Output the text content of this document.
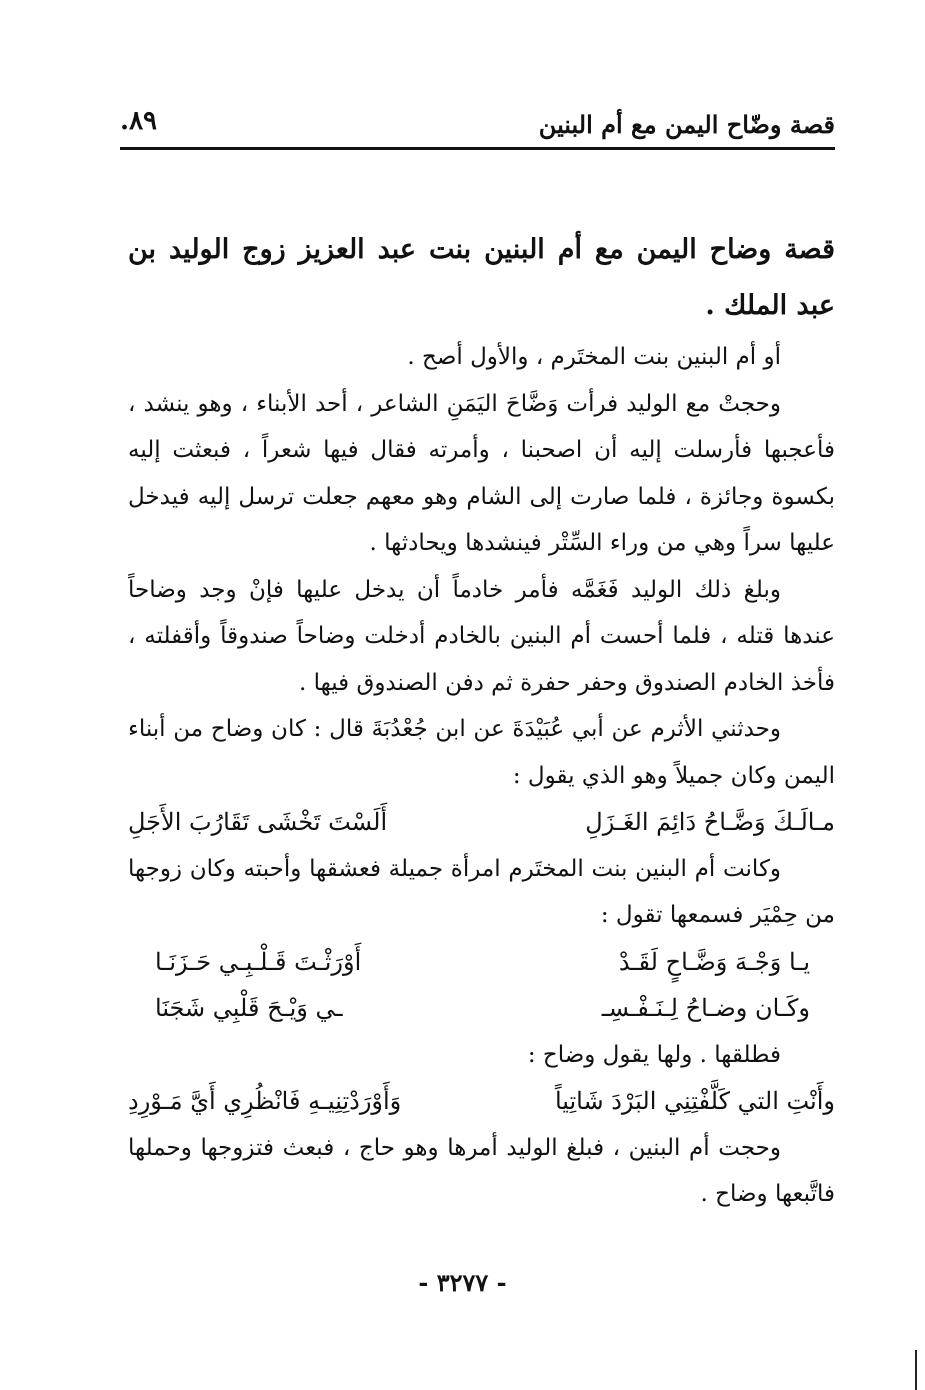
قصة وضّاح اليمن مع أم البنين
٨٩.

قصة وضاح اليمن مع أم البنين بنت عبد العزيز زوج الوليد بن عبد الملك .

أو أم البنين بنت المختَرم ، والأول أصح .

وحجتْ مع الوليد فرأت وَضَّاحَ اليَمَنِ الشاعر ، أحد الأبناء ، وهو ينشد ، فأعجبها فأرسلت إليه أن اصحبنا ، وأمرته فقال فيها شعراً ، فبعثت إليه بكسوة وجائزة ، فلما صارت إلى الشام وهو معهم جعلت ترسل إليه فيدخل عليها سراً وهي من وراء السِّتْر فينشدها ويحادثها .

وبلغ ذلك الوليد فَغَمَّه فأمر خادماً أن يدخل عليها فإنْ وجد وضاحاً عندها قتله ، فلما أحست أم البنين بالخادم أدخلت وضاحاً صندوقاً وأقفلته ، فأخذ الخادم الصندوق وحفر حفرة ثم دفن الصندوق فيها .

وحدثني الأثرم عن أبي عُبَيْدَةَ عن ابن جُعْدُبَةَ قال : كان وضاح من أبناء اليمن وكان جميلاً وهو الذي يقول :

مـالَـكَ وَضَّـاحُ دَائِمَ الغَـزَلِ
أَلَسْتَ تَخْشَى تَقَارُبَ الأَجَلِ

وكانت أم البنين بنت المختَرم امرأة جميلة فعشقها وأحبته وكان زوجها من حِمْيَر فسمعها تقول :

يـا وَجْـهَ وَضَّـاحٍ لَقَـدْ
أَوْرَثْـتَ قَـلْـبِـي حَـزَنَـا
وكَـان وضـاحُ لِـنَـفْـسِـ
ـي وَيْـحَ قَلْبِي شَجَنَا

فطلقها . ولها يقول وضاح :

وأَنْتِ التي كَلَّفْتِنِي البَرْدَ شَاتِياً
وَأَوْرَدْتِنِيـهِ فَانْظُرِي أَيَّ مَـوْرِدِ

وحجت أم البنين ، فبلغ الوليد أمرها وهو حاج ، فبعث فتزوجها وحملها فاتَّبعها وضاح .

- ٣٢٧٧ -
